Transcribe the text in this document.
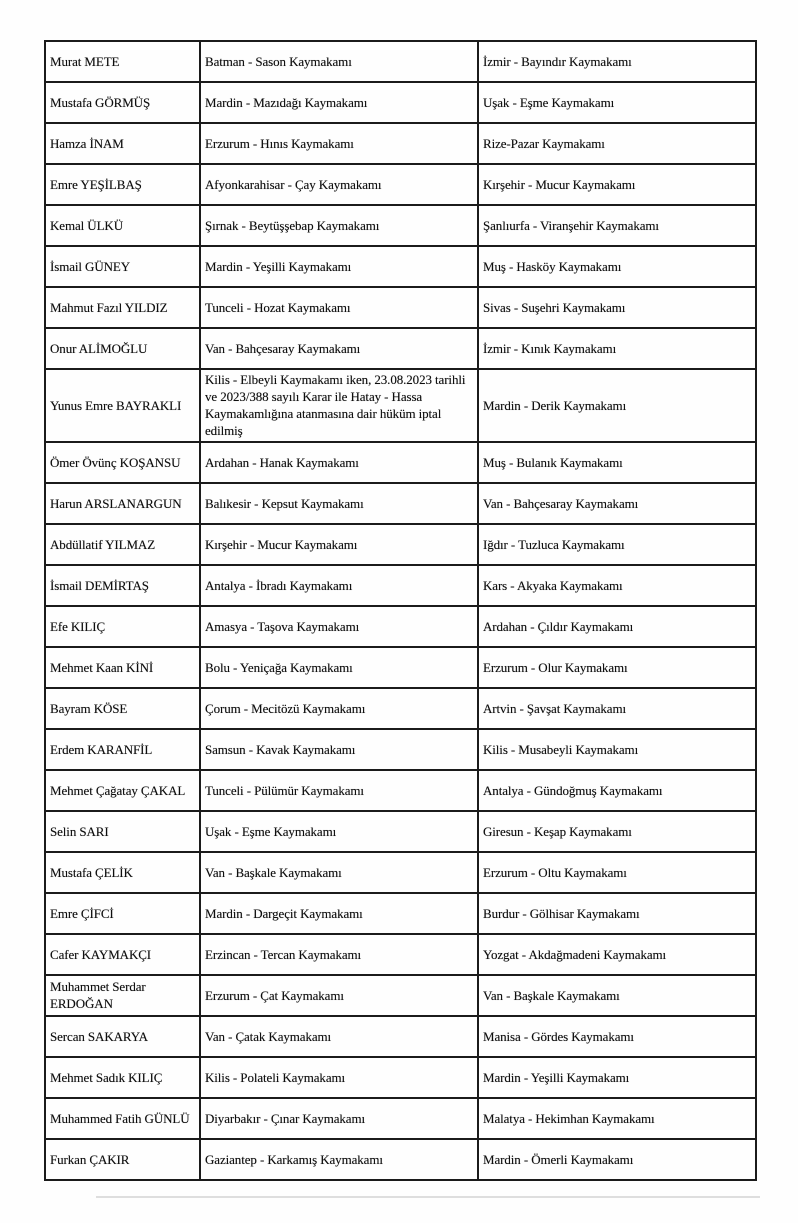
Murat METE	Batman - Sason Kaymakamı	İzmir - Bayındır Kaymakamı
Mustafa GÖRMÜŞ	Mardin - Mazıdağı Kaymakamı	Uşak - Eşme Kaymakamı
Hamza İNAM	Erzurum - Hınıs Kaymakamı	Rize-Pazar Kaymakamı
Emre YEŞİLBAŞ	Afyonkarahisar - Çay Kaymakamı	Kırşehir - Mucur Kaymakamı
Kemal ÜLKÜ	Şırnak - Beytüşşebap Kaymakamı	Şanlıurfa - Viranşehir Kaymakamı
İsmail GÜNEY	Mardin - Yeşilli Kaymakamı	Muş - Hasköy Kaymakamı
Mahmut Fazıl YILDIZ	Tunceli - Hozat Kaymakamı	Sivas - Suşehri Kaymakamı
Onur ALİMOĞLU	Van - Bahçesaray Kaymakamı	İzmir - Kınık Kaymakamı
Yunus Emre BAYRAKLI	Kilis - Elbeyli Kaymakamı iken, 23.08.2023 tarihli ve 2023/388 sayılı Karar ile Hatay - Hassa Kaymakamlığına atanmasına dair hüküm iptal edilmiş	Mardin - Derik Kaymakamı
Ömer Övünç KOŞANSU	Ardahan - Hanak Kaymakamı	Muş - Bulanık Kaymakamı
Harun ARSLANARGUN	Balıkesir - Kepsut Kaymakamı	Van - Bahçesaray Kaymakamı
Abdüllatif YILMAZ	Kırşehir - Mucur Kaymakamı	Iğdır - Tuzluca Kaymakamı
İsmail DEMİRTAŞ	Antalya - İbradı Kaymakamı	Kars - Akyaka Kaymakamı
Efe KILIÇ	Amasya - Taşova Kaymakamı	Ardahan - Çıldır Kaymakamı
Mehmet Kaan KİNİ	Bolu - Yeniçağa Kaymakamı	Erzurum - Olur Kaymakamı
Bayram KÖSE	Çorum - Mecitözü Kaymakamı	Artvin - Şavşat Kaymakamı
Erdem KARANFİL	Samsun - Kavak Kaymakamı	Kilis - Musabeyli Kaymakamı
Mehmet Çağatay ÇAKAL	Tunceli - Pülümür Kaymakamı	Antalya - Gündoğmuş Kaymakamı
Selin SARI	Uşak - Eşme Kaymakamı	Giresun - Keşap Kaymakamı
Mustafa ÇELİK	Van - Başkale Kaymakamı	Erzurum - Oltu Kaymakamı
Emre ÇİFCİ	Mardin - Dargeçit Kaymakamı	Burdur - Gölhisar Kaymakamı
Cafer KAYMAKÇI	Erzincan - Tercan Kaymakamı	Yozgat - Akdağmadeni Kaymakamı
Muhammet Serdar ERDOĞAN	Erzurum - Çat Kaymakamı	Van - Başkale Kaymakamı
Sercan SAKARYA	Van - Çatak Kaymakamı	Manisa - Gördes Kaymakamı
Mehmet Sadık KILIÇ	Kilis - Polateli Kaymakamı	Mardin - Yeşilli Kaymakamı
Muhammed Fatih GÜNLÜ	Diyarbakır - Çınar Kaymakamı	Malatya - Hekimhan Kaymakamı
Furkan ÇAKIR	Gaziantep - Karkamış Kaymakamı	Mardin - Ömerli Kaymakamı
